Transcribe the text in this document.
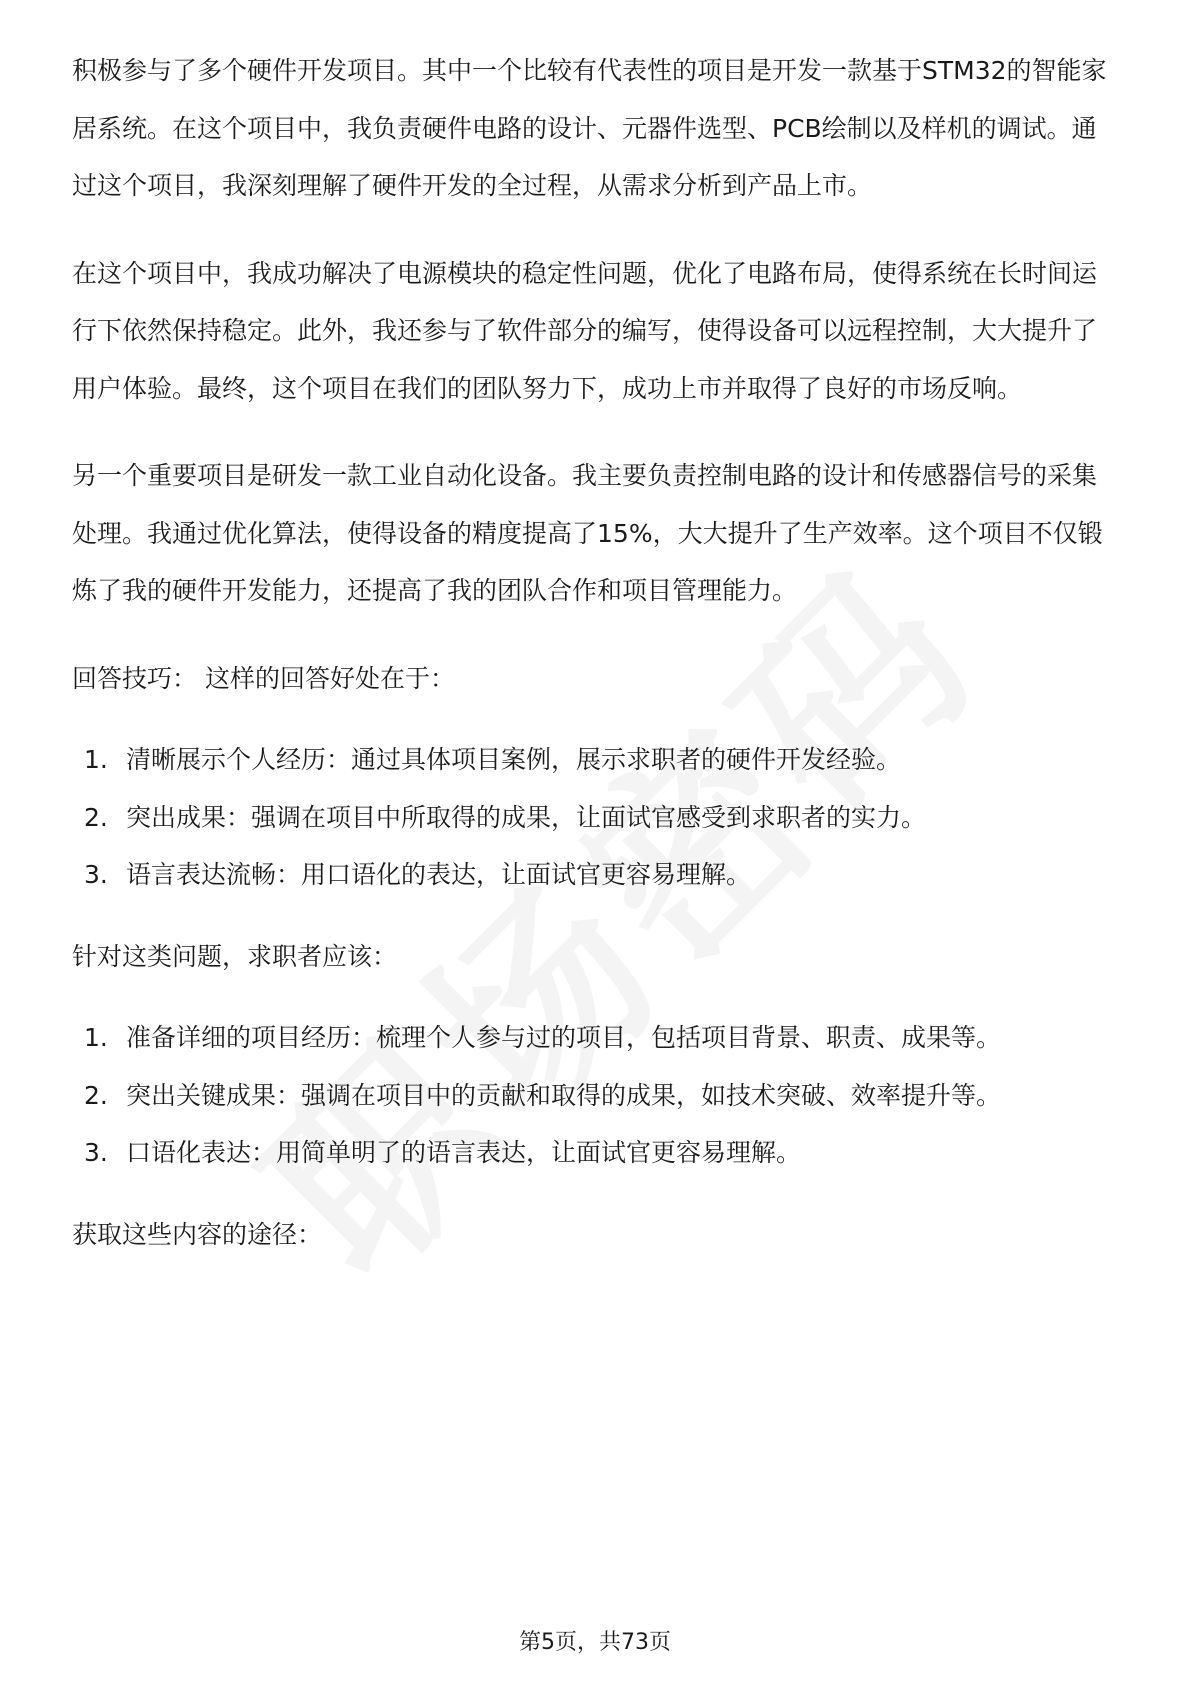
积极参与了多个硬件开发项目。其中一个比较有代表性的项目是开发一款基于STM32的智能家居系统。在这个项目中，我负责硬件电路的设计、元器件选型、PCB绘制以及样机的调试。通过这个项目，我深刻理解了硬件开发的全过程，从需求分析到产品上市。

在这个项目中，我成功解决了电源模块的稳定性问题，优化了电路布局，使得系统在长时间运行下依然保持稳定。此外，我还参与了软件部分的编写，使得设备可以远程控制，大大提升了用户体验。最终，这个项目在我们的团队努力下，成功上市并取得了良好的市场反响。

另一个重要项目是研发一款工业自动化设备。我主要负责控制电路的设计和传感器信号的采集处理。我通过优化算法，使得设备的精度提高了15%，大大提升了生产效率。这个项目不仅锻炼了我的硬件开发能力，还提高了我的团队合作和项目管理能力。

回答技巧： 这样的回答好处在于：

1. 清晰展示个人经历：通过具体项目案例，展示求职者的硬件开发经验。
2. 突出成果：强调在项目中所取得的成果，让面试官感受到求职者的实力。
3. 语言表达流畅：用口语化的表达，让面试官更容易理解。

针对这类问题，求职者应该：

1. 准备详细的项目经历：梳理个人参与过的项目，包括项目背景、职责、成果等。
2. 突出关键成果：强调在项目中的贡献和取得的成果，如技术突破、效率提升等。
3. 口语化表达：用简单明了的语言表达，让面试官更容易理解。

获取这些内容的途径：

第5页，共73页
